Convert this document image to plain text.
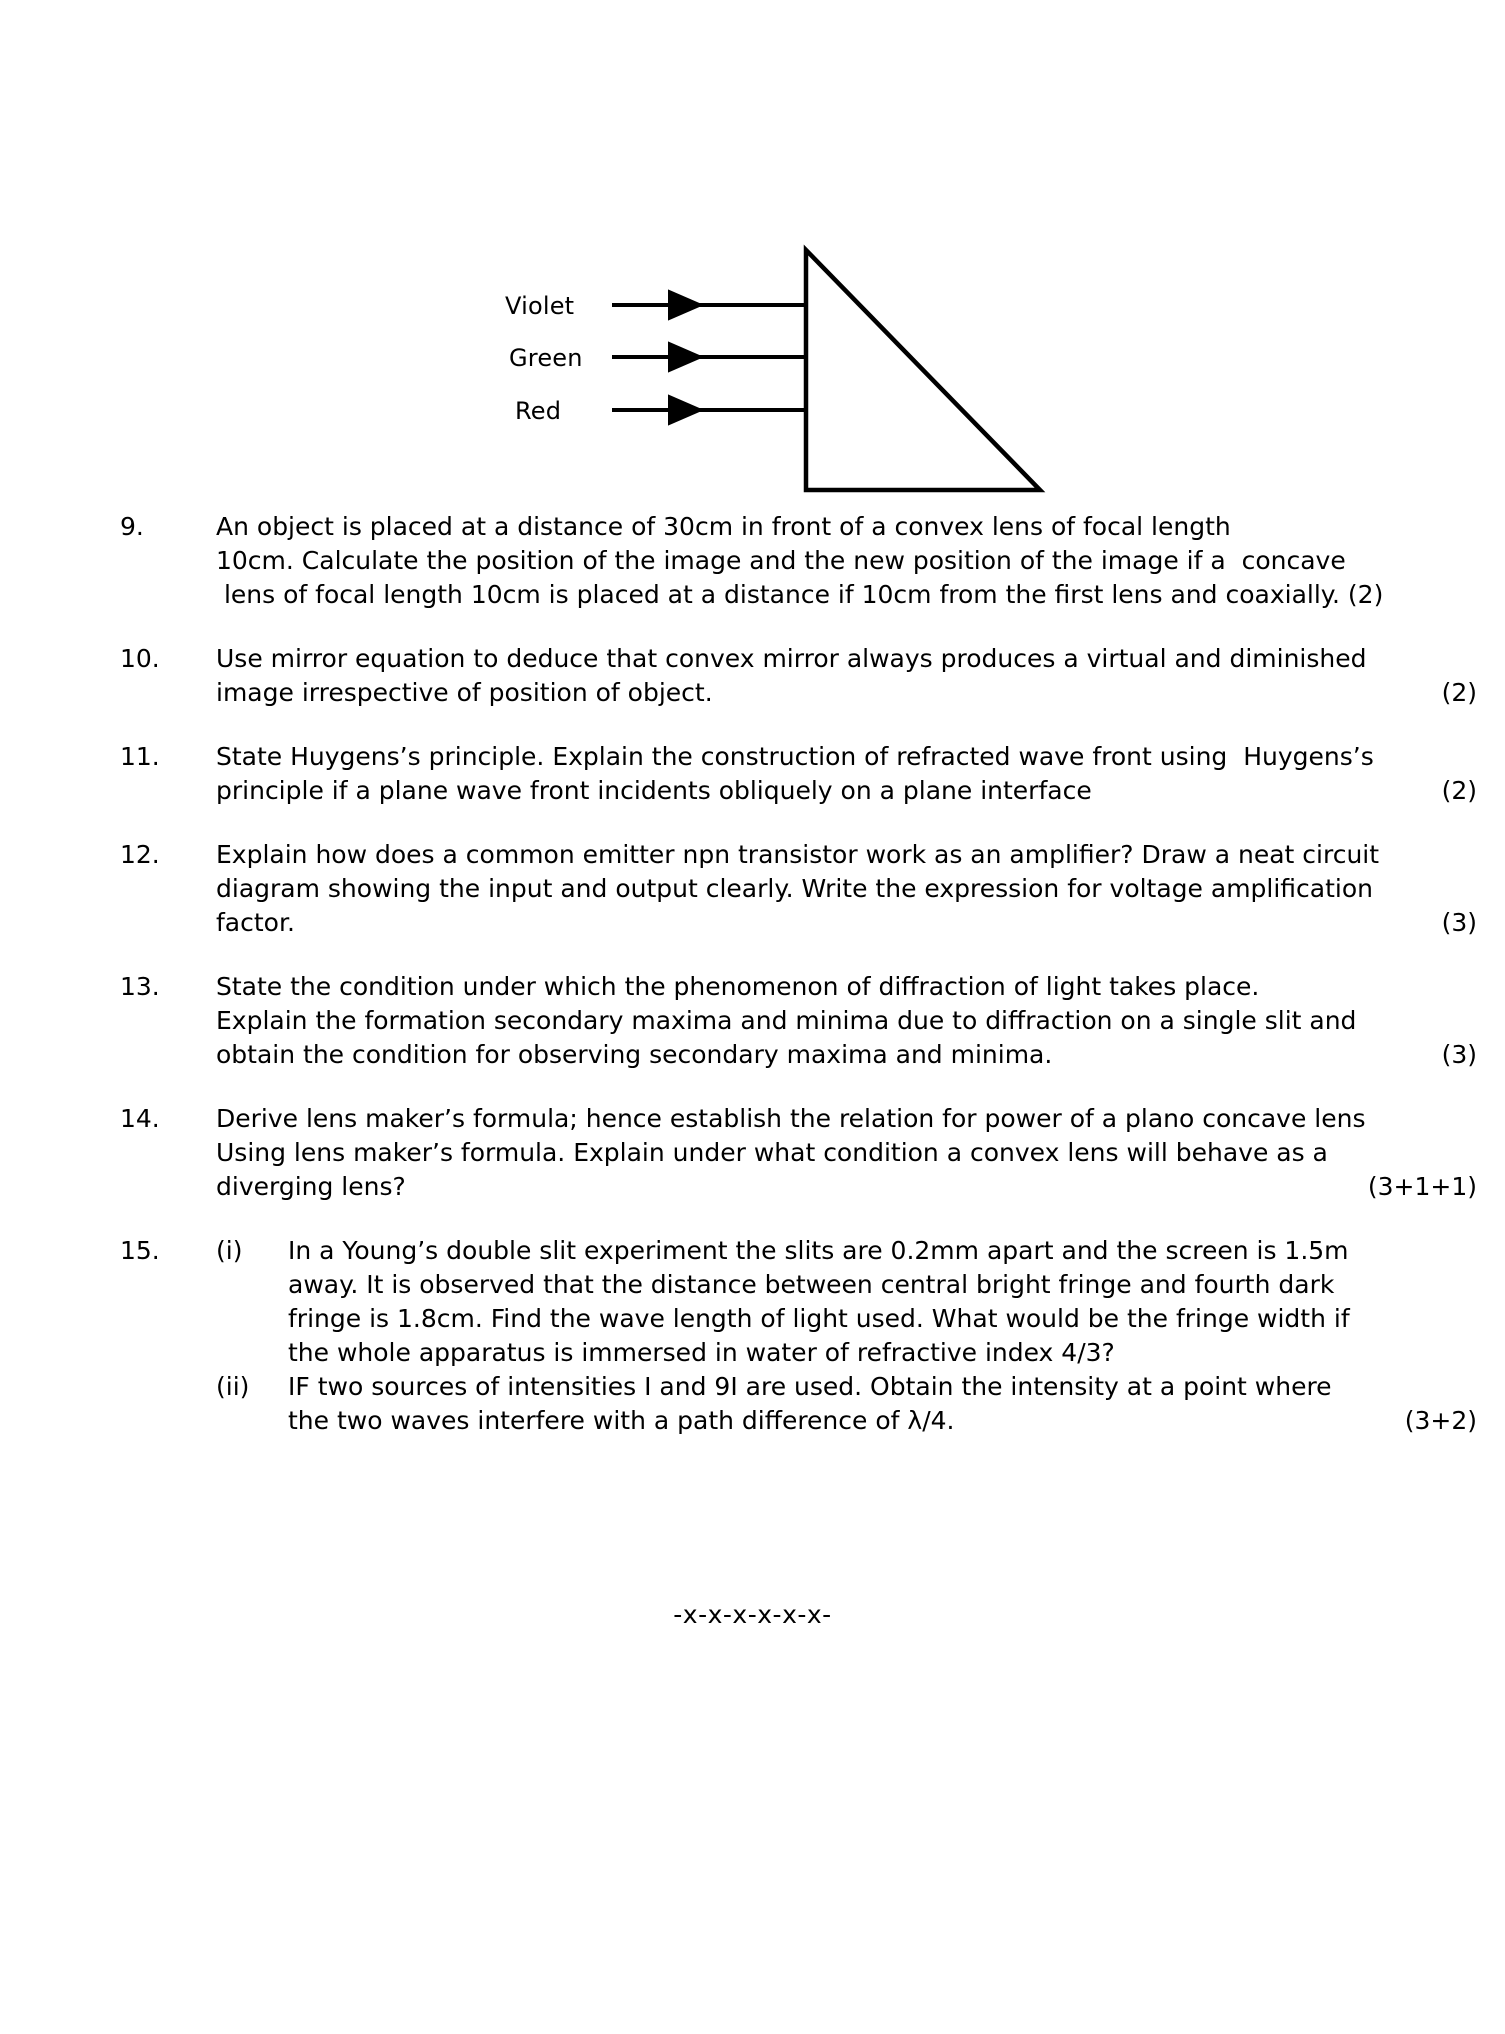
Violet
Green
Red
9.	An object is placed at a distance of 30cm in front of a convex lens of focal length
10cm. Calculate the position of the image and the new position of the image if a  concave
lens of focal length 10cm is placed at a distance if 10cm from the first lens and coaxially. (2)
10.	Use mirror equation to deduce that convex mirror always produces a virtual and diminished
image irrespective of position of object.	(2)
11.	State Huygens’s principle. Explain the construction of refracted wave front using  Huygens’s
principle if a plane wave front incidents obliquely on a plane interface	(2)
12.	Explain how does a common emitter npn transistor work as an amplifier? Draw a neat circuit
diagram showing the input and output clearly. Write the expression for voltage amplification
factor.	(3)
13.	State the condition under which the phenomenon of diffraction of light takes place.
Explain the formation secondary maxima and minima due to diffraction on a single slit and
obtain the condition for observing secondary maxima and minima.	(3)
14.	Derive lens maker’s formula; hence establish the relation for power of a plano concave lens
Using lens maker’s formula. Explain under what condition a convex lens will behave as a
diverging lens?	(3+1+1)
15.	(i)	In a Young’s double slit experiment the slits are 0.2mm apart and the screen is 1.5m
away. It is observed that the distance between central bright fringe and fourth dark
fringe is 1.8cm. Find the wave length of light used. What would be the fringe width if
the whole apparatus is immersed in water of refractive index 4/3?
(ii)	IF two sources of intensities I and 9I are used. Obtain the intensity at a point where
the two waves interfere with a path difference of λ/4.	(3+2)
-x-x-x-x-x-x-
